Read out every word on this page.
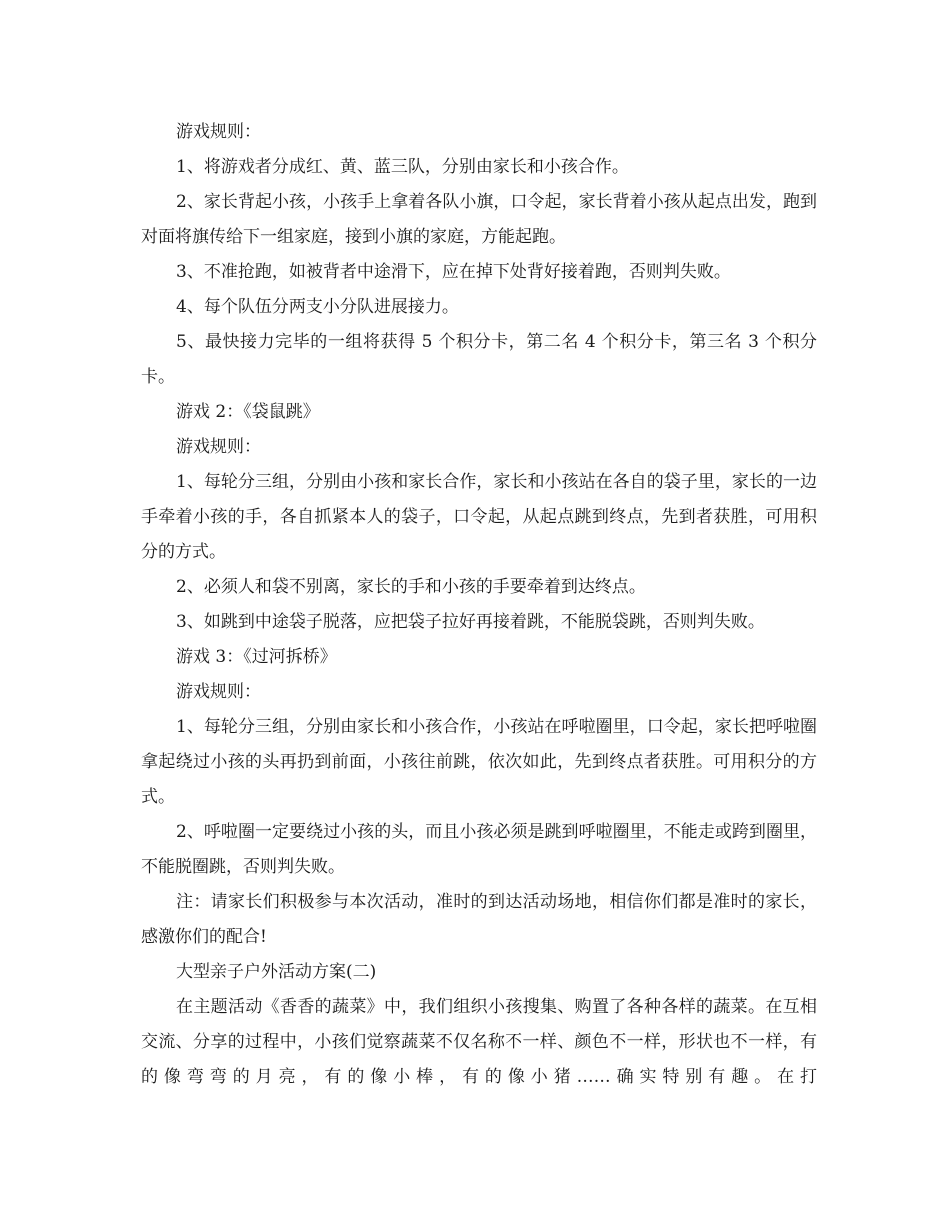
游戏规则：

1、将游戏者分成红、黄、蓝三队，分别由家长和小孩合作。

2、家长背起小孩，小孩手上拿着各队小旗，口令起，家长背着小孩从起点出发，跑到对面将旗传给下一组家庭，接到小旗的家庭，方能起跑。

3、不准抢跑，如被背者中途滑下，应在掉下处背好接着跑，否则判失败。

4、每个队伍分两支小分队进展接力。

5、最快接力完毕的一组将获得 5 个积分卡，第二名 4 个积分卡，第三名 3 个积分卡。

游戏 2：《袋鼠跳》

游戏规则：

1、每轮分三组，分别由小孩和家长合作，家长和小孩站在各自的袋子里，家长的一边手牵着小孩的手，各自抓紧本人的袋子，口令起，从起点跳到终点，先到者获胜，可用积分的方式。

2、必须人和袋不别离，家长的手和小孩的手要牵着到达终点。

3、如跳到中途袋子脱落，应把袋子拉好再接着跳，不能脱袋跳，否则判失败。

游戏 3：《过河拆桥》

游戏规则：

1、每轮分三组，分别由家长和小孩合作，小孩站在呼啦圈里，口令起，家长把呼啦圈拿起绕过小孩的头再扔到前面，小孩往前跳，依次如此，先到终点者获胜。可用积分的方式。

2、呼啦圈一定要绕过小孩的头，而且小孩必须是跳到呼啦圈里，不能走或跨到圈里，不能脱圈跳，否则判失败。

注：请家长们积极参与本次活动，准时的到达活动场地，相信你们都是准时的家长，感激你们的配合!

大型亲子户外活动方案(二)

在主题活动《香香的蔬菜》中，我们组织小孩搜集、购置了各种各样的蔬菜。在互相交流、分享的过程中，小孩们觉察蔬菜不仅名称不一样、颜色不一样，形状也不一样，有的像弯弯的月亮，有的像小棒，有的像小猪……确实特别有趣。在打
